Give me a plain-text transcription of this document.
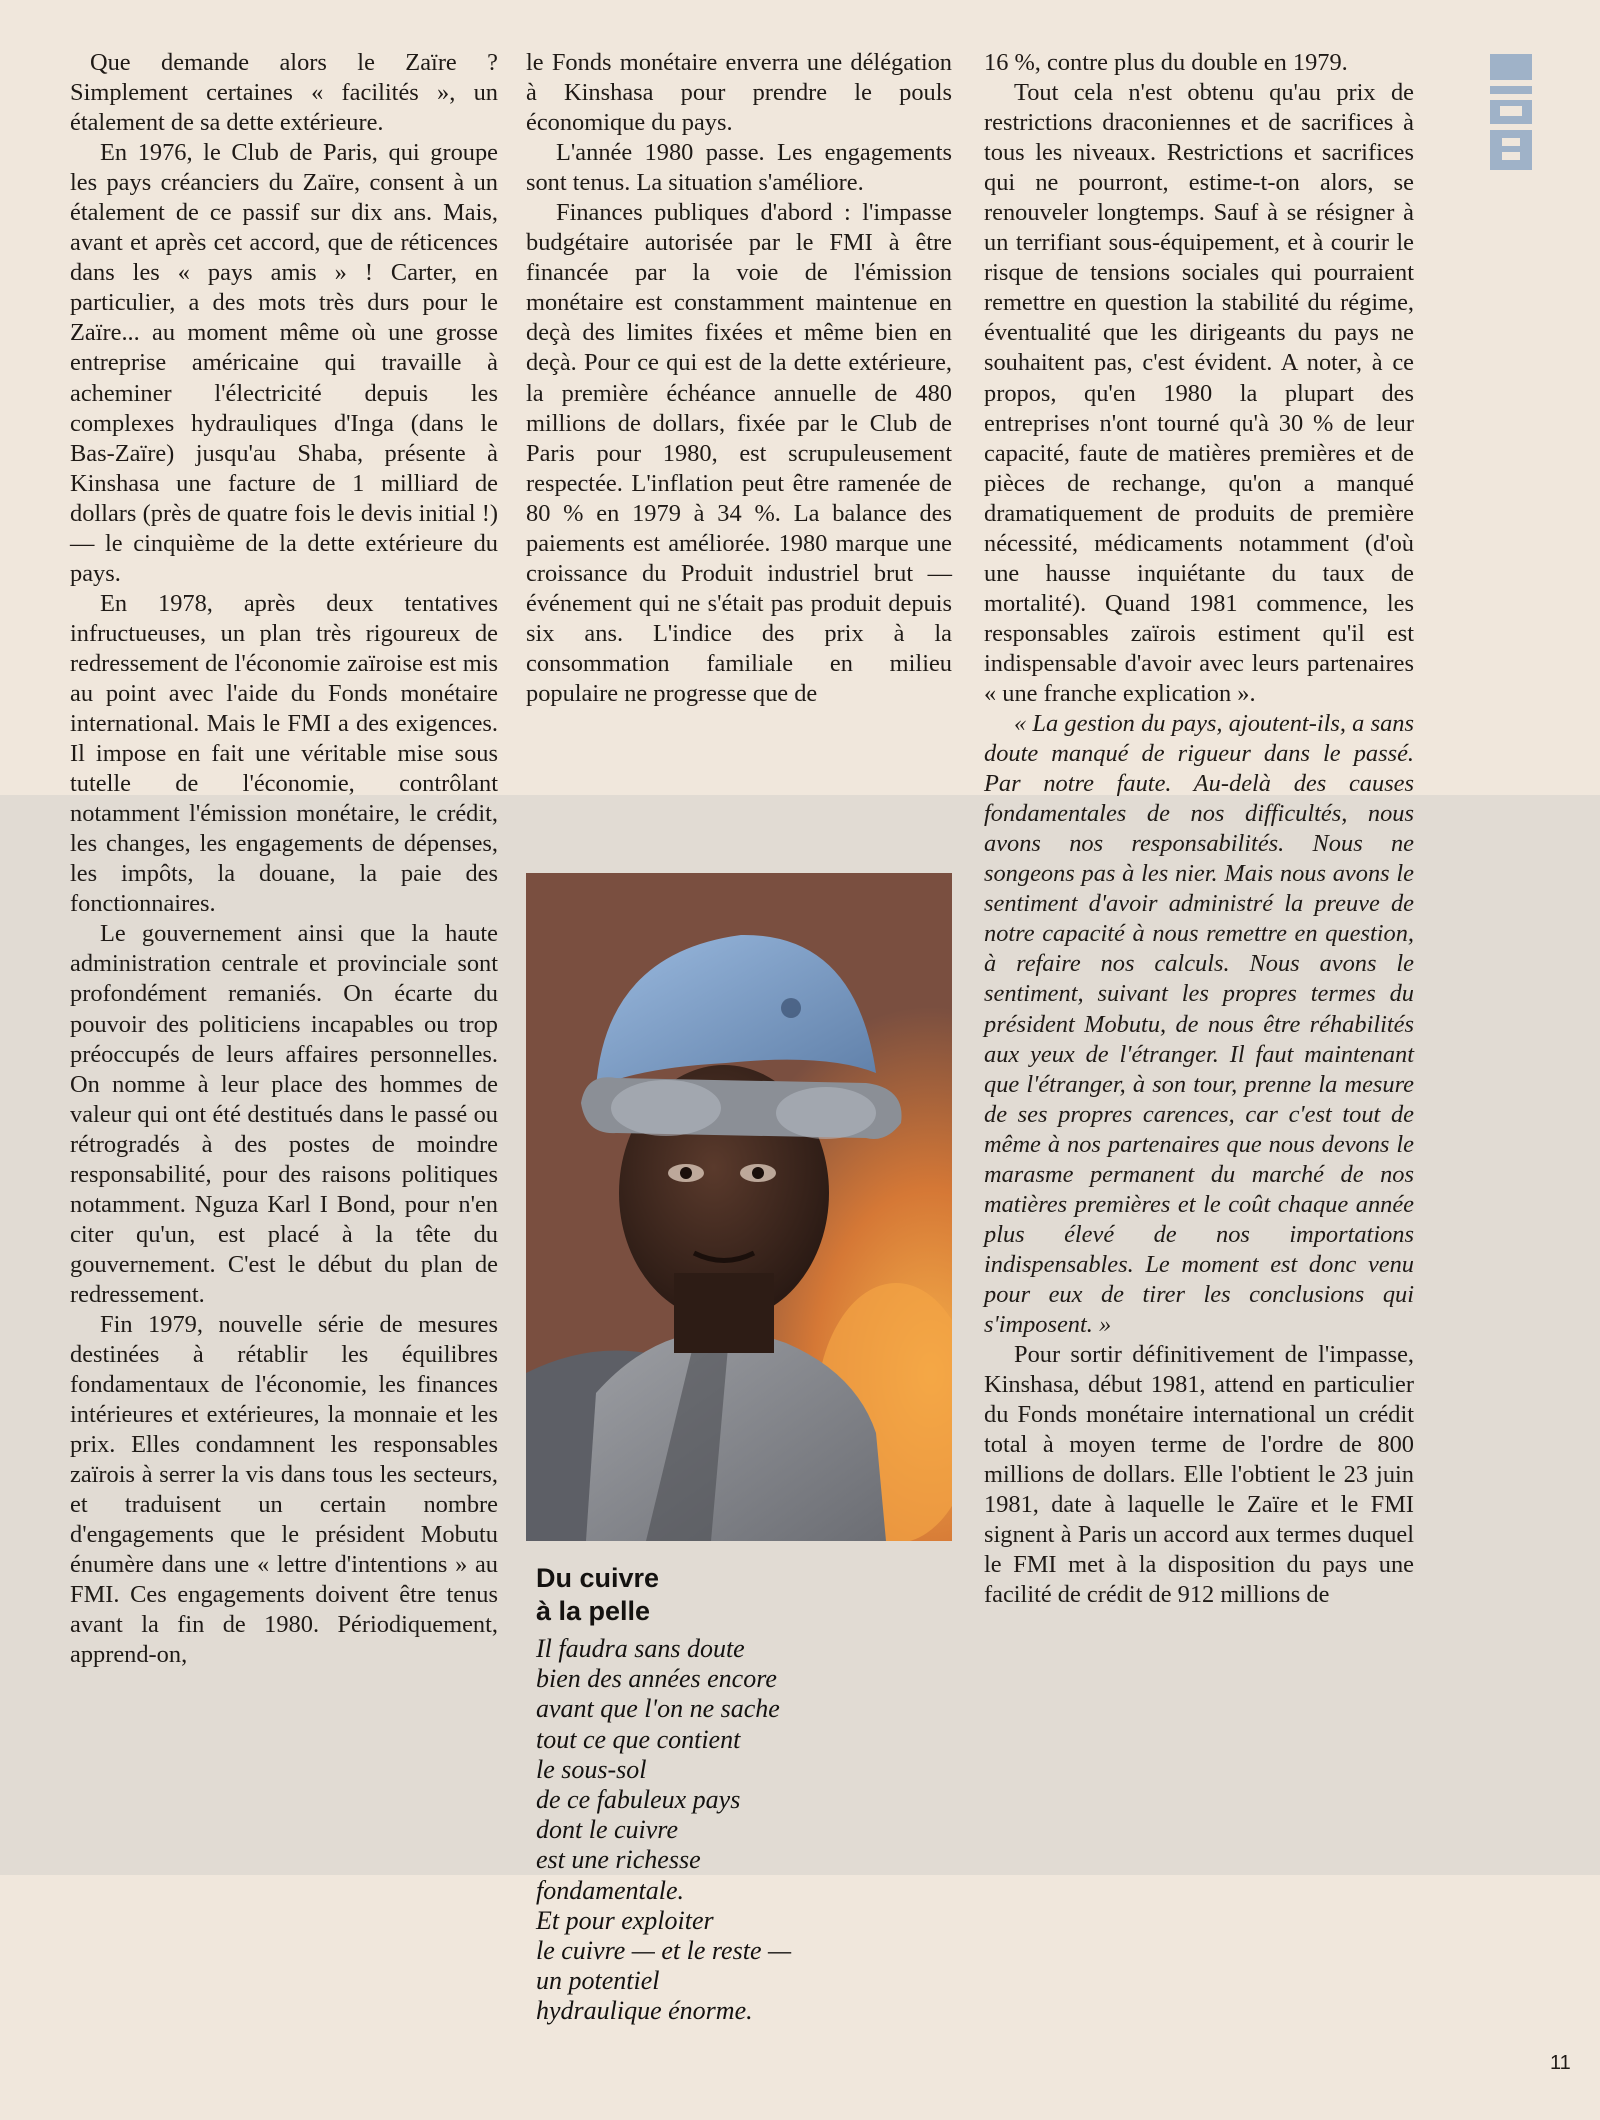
Que demande alors le Zaïre ? Simplement certaines « facilités », un étalement de sa dette extérieure.

En 1976, le Club de Paris, qui groupe les pays créanciers du Zaïre, consent à un étalement de ce passif sur dix ans. Mais, avant et après cet accord, que de réticences dans les « pays amis » ! Carter, en particulier, a des mots très durs pour le Zaïre... au moment même où une grosse entreprise américaine qui travaille à acheminer l'électricité depuis les complexes hydrauliques d'Inga (dans le Bas-Zaïre) jusqu'au Shaba, présente à Kinshasa une facture de 1 milliard de dollars (près de quatre fois le devis initial !) — le cinquième de la dette extérieure du pays.

En 1978, après deux tentatives infructueuses, un plan très rigoureux de redressement de l'économie zaïroise est mis au point avec l'aide du Fonds monétaire international. Mais le FMI a des exigences. Il impose en fait une véritable mise sous tutelle de l'économie, contrôlant notamment l'émission monétaire, le crédit, les changes, les engagements de dépenses, les impôts, la douane, la paie des fonctionnaires.

Le gouvernement ainsi que la haute administration centrale et provinciale sont profondément remaniés. On écarte du pouvoir des politiciens incapables ou trop préoccupés de leurs affaires personnelles. On nomme à leur place des hommes de valeur qui ont été destitués dans le passé ou rétrogradés à des postes de moindre responsabilité, pour des raisons politiques notamment. Nguza Karl I Bond, pour n'en citer qu'un, est placé à la tête du gouvernement. C'est le début du plan de redressement.

Fin 1979, nouvelle série de mesures destinées à rétablir les équilibres fondamentaux de l'économie, les finances intérieures et extérieures, la monnaie et les prix. Elles condamnent les responsables zaïrois à serrer la vis dans tous les secteurs, et traduisent un certain nombre d'engagements que le président Mobutu énumère dans une « lettre d'intentions » au FMI. Ces engagements doivent être tenus avant la fin de 1980. Périodiquement, apprend-on,

le Fonds monétaire enverra une délégation à Kinshasa pour prendre le pouls économique du pays.

L'année 1980 passe. Les engagements sont tenus. La situation s'améliore.

Finances publiques d'abord : l'impasse budgétaire autorisée par le FMI à être financée par la voie de l'émission monétaire est constamment maintenue en deçà des limites fixées et même bien en deçà. Pour ce qui est de la dette extérieure, la première échéance annuelle de 480 millions de dollars, fixée par le Club de Paris pour 1980, est scrupuleusement respectée. L'inflation peut être ramenée de 80 % en 1979 à 34 %. La balance des paiements est améliorée. 1980 marque une croissance du Produit industriel brut — événement qui ne s'était pas produit depuis six ans. L'indice des prix à la consommation familiale en milieu populaire ne progresse que de

16 %, contre plus du double en 1979.

Tout cela n'est obtenu qu'au prix de restrictions draconiennes et de sacrifices à tous les niveaux. Restrictions et sacrifices qui ne pourront, estime-t-on alors, se renouveler longtemps. Sauf à se résigner à un terrifiant sous-équipement, et à courir le risque de tensions sociales qui pourraient remettre en question la stabilité du régime, éventualité que les dirigeants du pays ne souhaitent pas, c'est évident. A noter, à ce propos, qu'en 1980 la plupart des entreprises n'ont tourné qu'à 30 % de leur capacité, faute de matières premières et de pièces de rechange, qu'on a manqué dramatiquement de produits de première nécessité, médicaments notamment (d'où une hausse inquiétante du taux de mortalité). Quand 1981 commence, les responsables zaïrois estiment qu'il est indispensable d'avoir avec leurs partenaires « une franche explication ».

« La gestion du pays, ajoutent-ils, a sans doute manqué de rigueur dans le passé. Par notre faute. Au-delà des causes fondamentales de nos difficultés, nous avons nos responsabilités. Nous ne songeons pas à les nier. Mais nous avons le sentiment d'avoir administré la preuve de notre capacité à nous remettre en question, à refaire nos calculs. Nous avons le sentiment, suivant les propres termes du président Mobutu, de nous être réhabilités aux yeux de l'étranger. Il faut maintenant que l'étranger, à son tour, prenne la mesure de ses propres carences, car c'est tout de même à nos partenaires que nous devons le marasme permanent du marché de nos matières premières et le coût chaque année plus élevé de nos importations indispensables. Le moment est donc venu pour eux de tirer les conclusions qui s'imposent. »

Pour sortir définitivement de l'impasse, Kinshasa, début 1981, attend en particulier du Fonds monétaire international un crédit total à moyen terme de l'ordre de 800 millions de dollars. Elle l'obtient le 23 juin 1981, date à laquelle le Zaïre et le FMI signent à Paris un accord aux termes duquel le FMI met à la disposition du pays une facilité de crédit de 912 millions de

Du cuivre
à la pelle
Il faudra sans doute
bien des années encore
avant que l'on ne sache
tout ce que contient
le sous-sol
de ce fabuleux pays
dont le cuivre
est une richesse
fondamentale.
Et pour exploiter
le cuivre — et le reste —
un potentiel
hydraulique énorme.
11
